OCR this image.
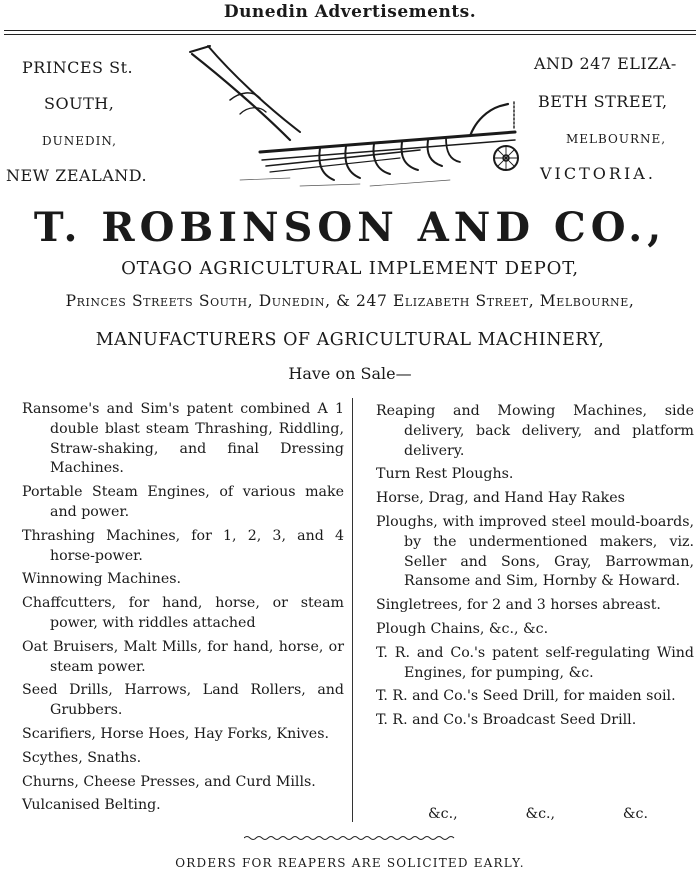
Dunedin Advertisements.
PRINCES St.
SOUTH,
DUNEDIN,
NEW ZEALAND.
AND 247 ELIZA-
BETH STREET,
MELBOURNE,
VICTORIA.
T. ROBINSON AND CO.,
OTAGO AGRICULTURAL IMPLEMENT DEPOT,
Princes Streets South, Dunedin, & 247 Elizabeth Street, Melbourne,
MANUFACTURERS OF AGRICULTURAL MACHINERY,
Have on Sale—
Ransome's and Sim's patent combined A 1 double blast steam Thrashing, Riddling, Straw-shaking, and final Dressing Machines.
Portable Steam Engines, of various make and power.
Thrashing Machines, for 1, 2, 3, and 4 horse-power.
Winnowing Machines.
Chaffcutters, for hand, horse, or steam power, with riddles attached
Oat Bruisers, Malt Mills, for hand, horse, or steam power.
Seed Drills, Harrows, Land Rollers, and Grubbers.
Scarifiers, Horse Hoes, Hay Forks, Knives.
Scythes, Snaths.
Churns, Cheese Presses, and Curd Mills.
Vulcanised Belting.
Reaping and Mowing Machines, side delivery, back delivery, and platform delivery.
Turn Rest Ploughs.
Horse, Drag, and Hand Hay Rakes
Ploughs, with improved steel mould-boards, by the undermentioned makers, viz. Seller and Sons, Gray, Barrowman, Ransome and Sim, Hornby & Howard.
Singletrees, for 2 and 3 horses abreast.
Plough Chains, &c., &c.
T. R. and Co.'s patent self-regulating Wind Engines, for pumping, &c.
T. R. and Co.'s Seed Drill, for maiden soil.
T. R. and Co.'s Broadcast Seed Drill.
&c.,	&c.,	&c.
ORDERS FOR REAPERS ARE SOLICITED EARLY.
